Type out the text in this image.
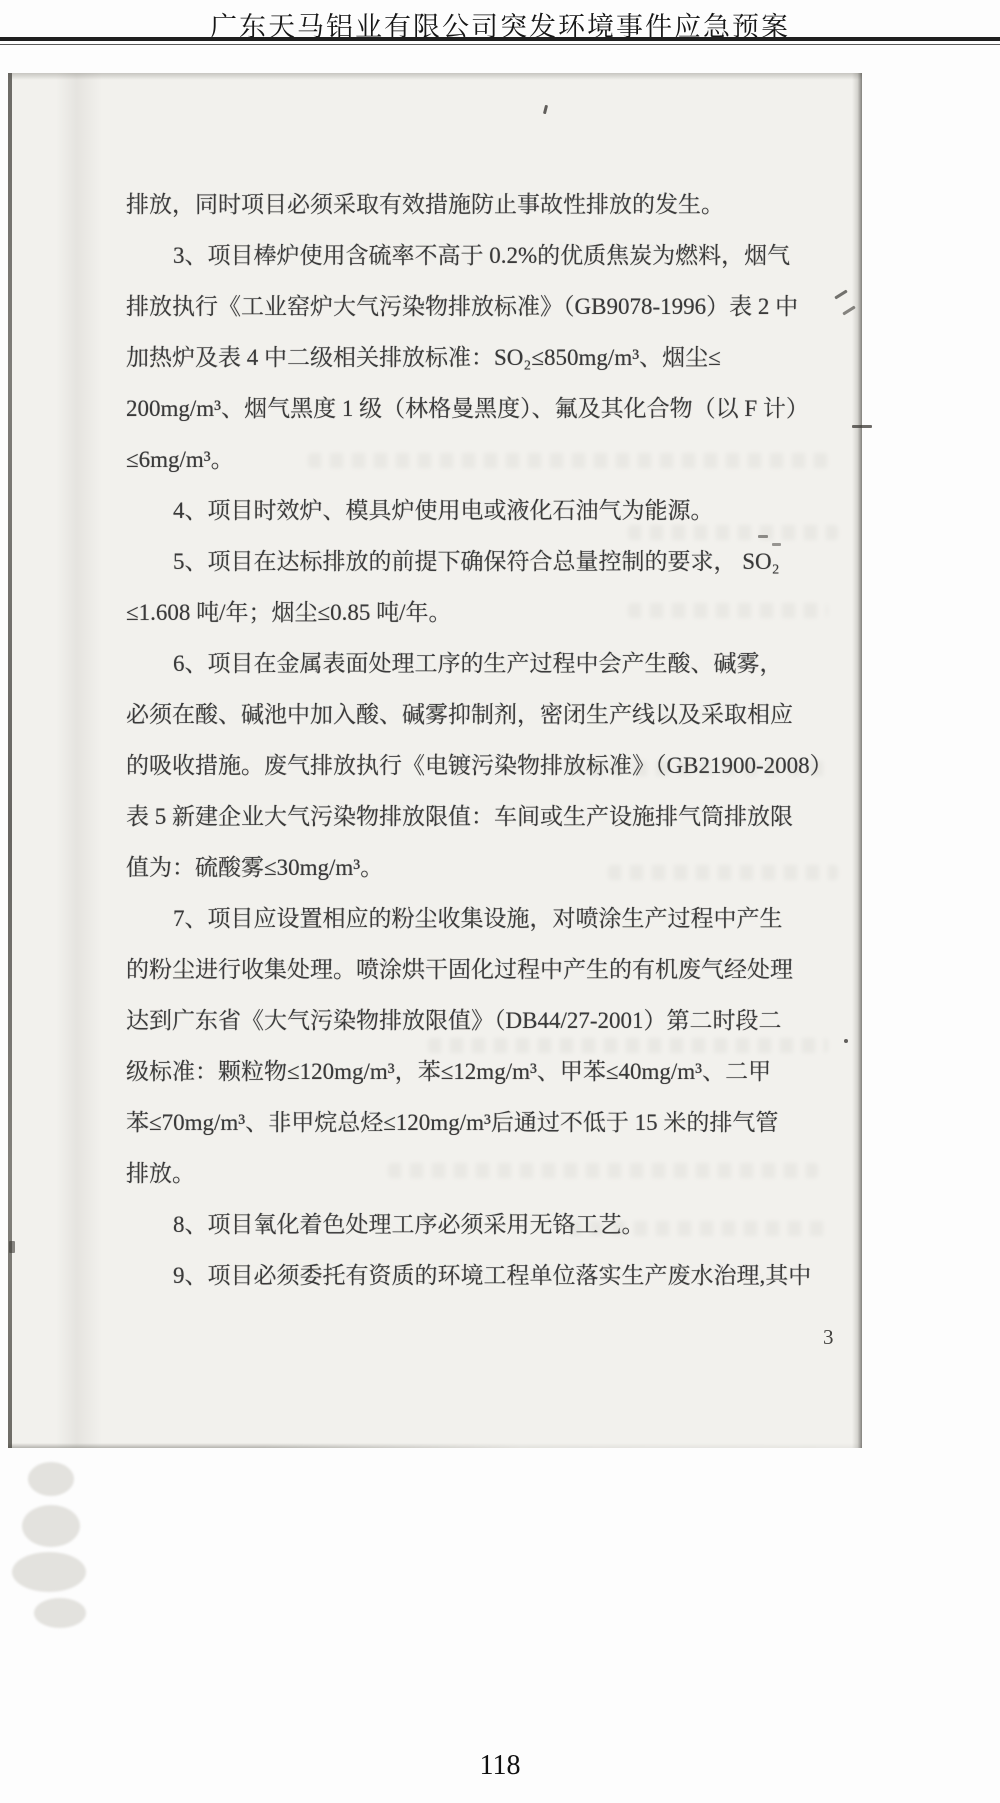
广东天马铝业有限公司突发环境事件应急预案
排放，同时项目必须采取有效措施防止事故性排放的发生。
3、项目棒炉使用含硫率不高于 0.2%的优质焦炭为燃料，烟气
排放执行《工业窑炉大气污染物排放标准》（GB9078-1996）表 2 中
加热炉及表 4 中二级相关排放标准：SO₂≤850mg/m³、烟尘≤
200mg/m³、烟气黑度 1 级（林格曼黑度）、氟及其化合物（以 F 计）
≤6mg/m³。
4、项目时效炉、模具炉使用电或液化石油气为能源。
5、项目在达标排放的前提下确保符合总量控制的要求， SO₂
≤1.608 吨/年；烟尘≤0.85 吨/年。
6、项目在金属表面处理工序的生产过程中会产生酸、碱雾，
必须在酸、碱池中加入酸、碱雾抑制剂，密闭生产线以及采取相应
的吸收措施。废气排放执行《电镀污染物排放标准》（GB21900-2008）
表 5 新建企业大气污染物排放限值：车间或生产设施排气筒排放限
值为：硫酸雾≤30mg/m³。
7、项目应设置相应的粉尘收集设施，对喷涂生产过程中产生
的粉尘进行收集处理。喷涂烘干固化过程中产生的有机废气经处理
达到广东省《大气污染物排放限值》（DB44/27-2001）第二时段二
级标准：颗粒物≤120mg/m³，苯≤12mg/m³、甲苯≤40mg/m³、二甲
苯≤70mg/m³、非甲烷总烃≤120mg/m³后通过不低于 15 米的排气管
排放。
8、项目氧化着色处理工序必须采用无铬工艺。
9、项目必须委托有资质的环境工程单位落实生产废水治理,其中
3
118
